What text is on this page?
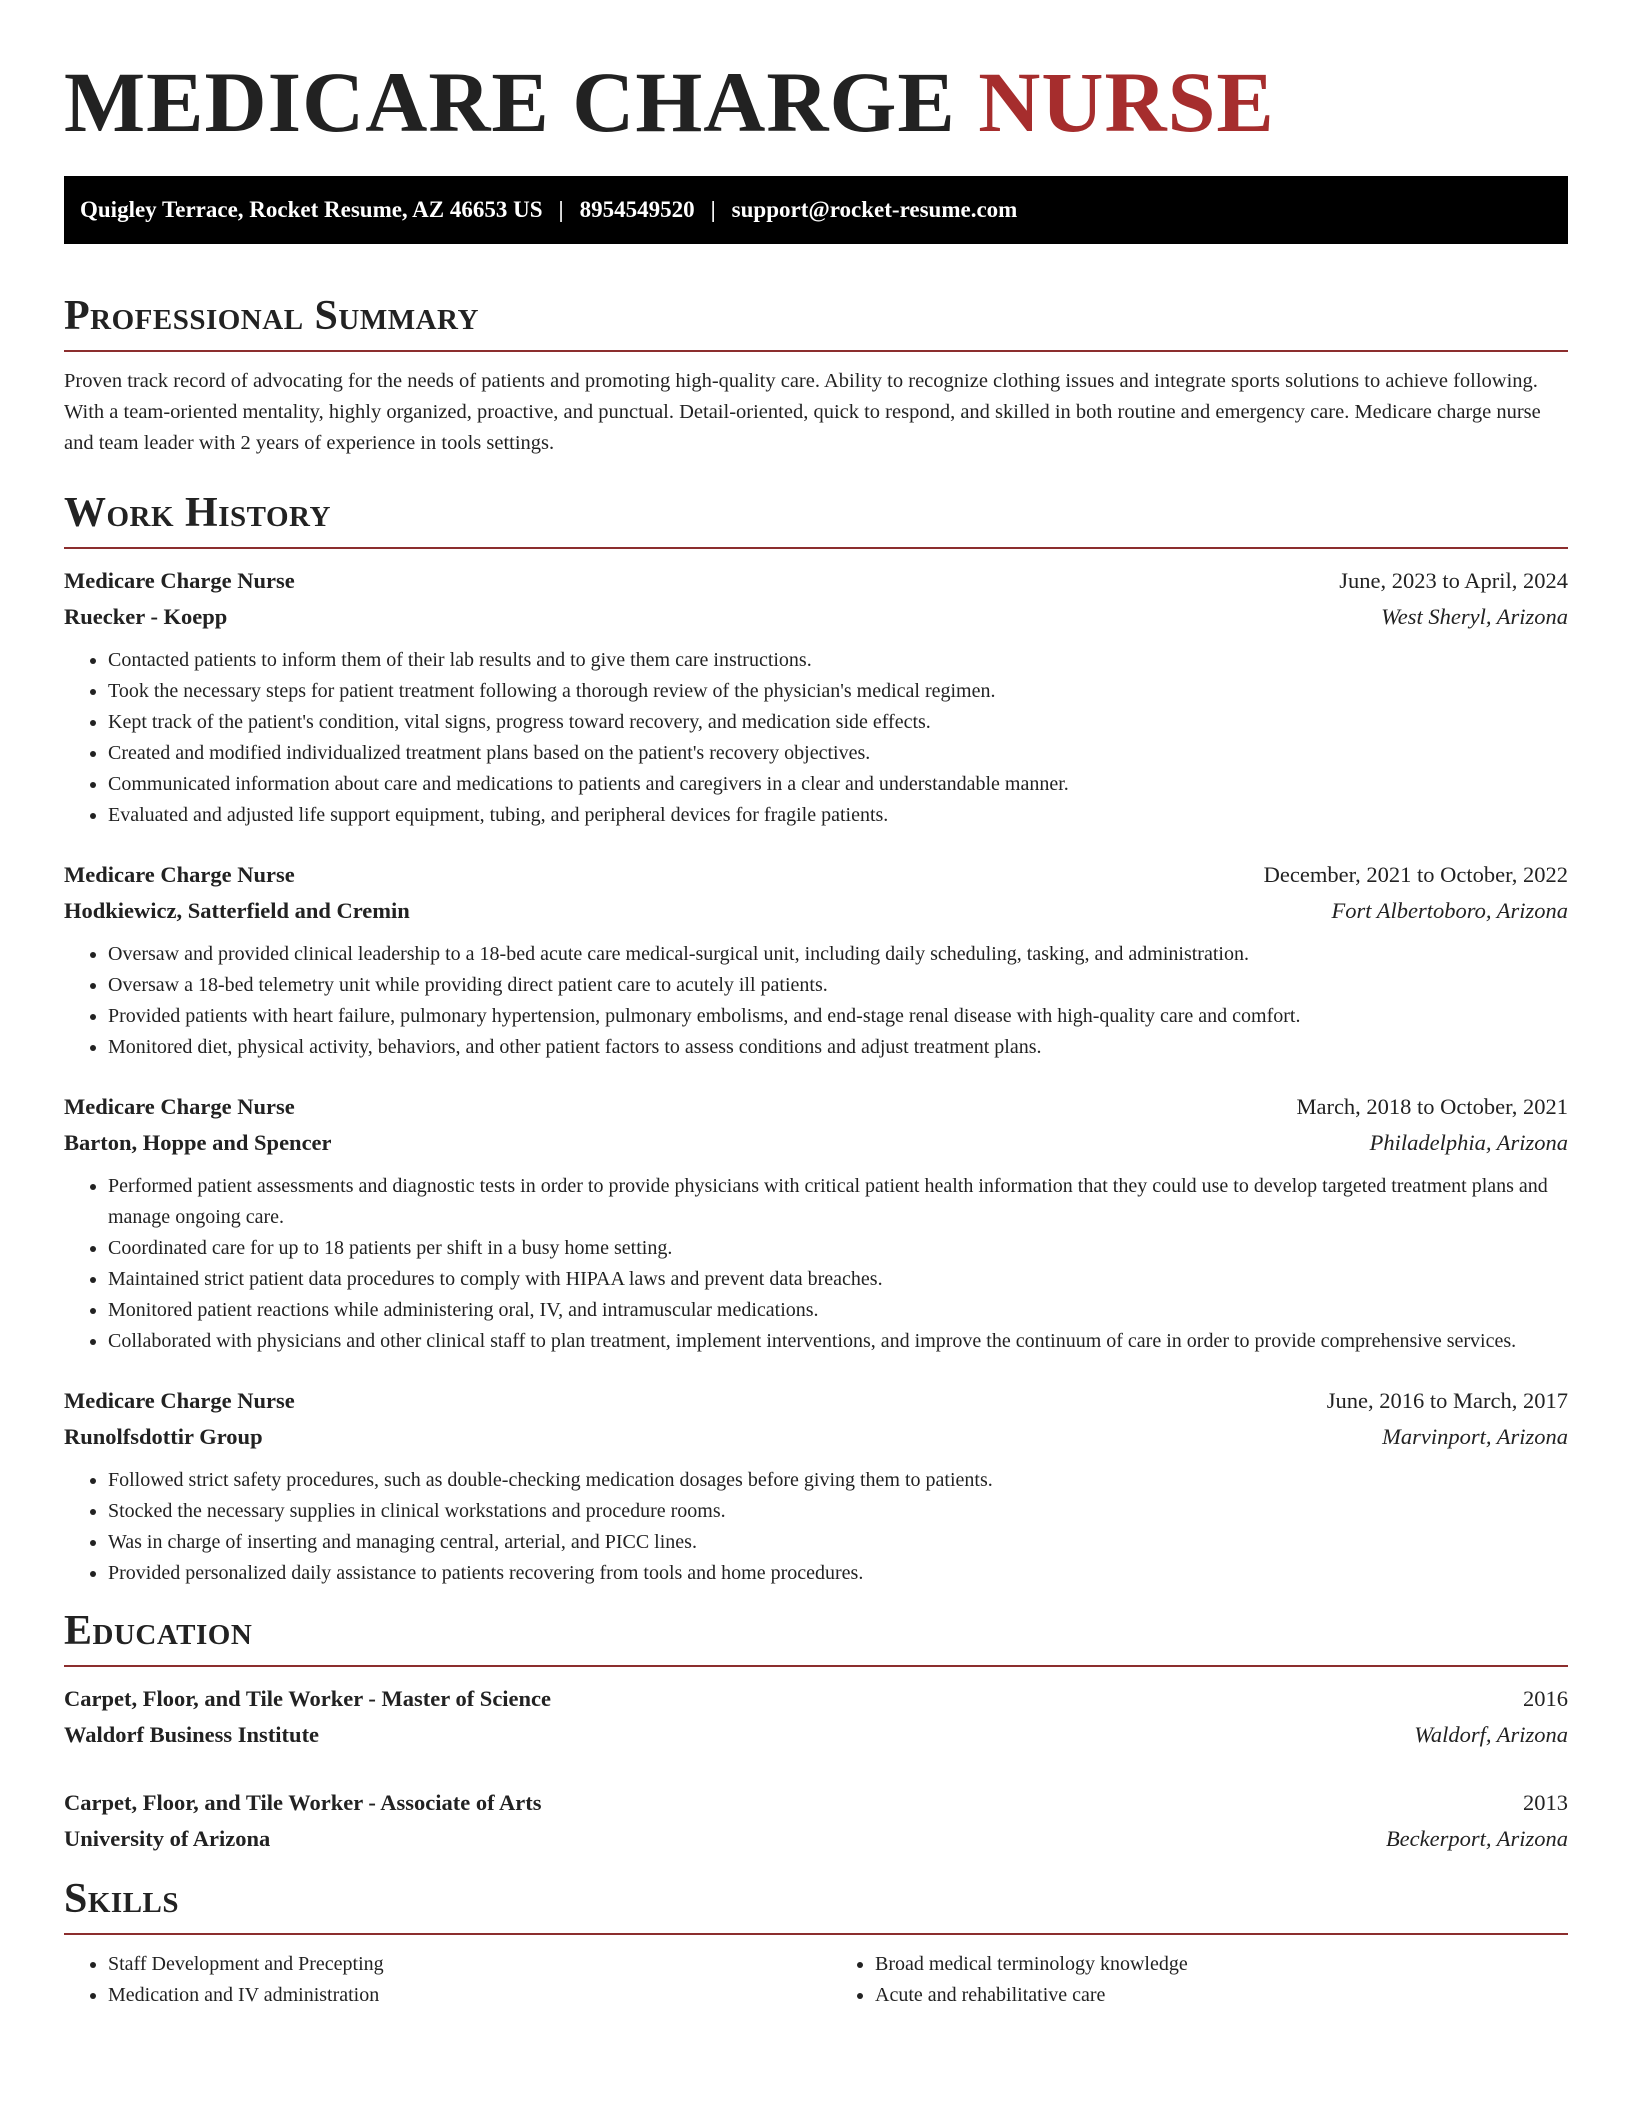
MEDICARE CHARGE NURSE
Quigley Terrace, Rocket Resume, AZ 46653 US | 8954549520 | support@rocket-resume.com
Professional Summary

Proven track record of advocating for the needs of patients and promoting high-quality care. Ability to recognize clothing issues and integrate sports solutions to achieve following. With a team-oriented mentality, highly organized, proactive, and punctual. Detail-oriented, quick to respond, and skilled in both routine and emergency care. Medicare charge nurse and team leader with 2 years of experience in tools settings.

Work History
Medicare Charge Nurse	June, 2023 to April, 2024
Ruecker - Koepp	West Sheryl, Arizona
• Contacted patients to inform them of their lab results and to give them care instructions.
• Took the necessary steps for patient treatment following a thorough review of the physician's medical regimen.
• Kept track of the patient's condition, vital signs, progress toward recovery, and medication side effects.
• Created and modified individualized treatment plans based on the patient's recovery objectives.
• Communicated information about care and medications to patients and caregivers in a clear and understandable manner.
• Evaluated and adjusted life support equipment, tubing, and peripheral devices for fragile patients.
Medicare Charge Nurse	December, 2021 to October, 2022
Hodkiewicz, Satterfield and Cremin	Fort Albertoboro, Arizona
• Oversaw and provided clinical leadership to a 18-bed acute care medical-surgical unit, including daily scheduling, tasking, and administration.
• Oversaw a 18-bed telemetry unit while providing direct patient care to acutely ill patients.
• Provided patients with heart failure, pulmonary hypertension, pulmonary embolisms, and end-stage renal disease with high-quality care and comfort.
• Monitored diet, physical activity, behaviors, and other patient factors to assess conditions and adjust treatment plans.
Medicare Charge Nurse	March, 2018 to October, 2021
Barton, Hoppe and Spencer	Philadelphia, Arizona
• Performed patient assessments and diagnostic tests in order to provide physicians with critical patient health information that they could use to develop targeted treatment plans and manage ongoing care.
• Coordinated care for up to 18 patients per shift in a busy home setting.
• Maintained strict patient data procedures to comply with HIPAA laws and prevent data breaches.
• Monitored patient reactions while administering oral, IV, and intramuscular medications.
• Collaborated with physicians and other clinical staff to plan treatment, implement interventions, and improve the continuum of care in order to provide comprehensive services.
Medicare Charge Nurse	June, 2016 to March, 2017
Runolfsdottir Group	Marvinport, Arizona
• Followed strict safety procedures, such as double-checking medication dosages before giving them to patients.
• Stocked the necessary supplies in clinical workstations and procedure rooms.
• Was in charge of inserting and managing central, arterial, and PICC lines.
• Provided personalized daily assistance to patients recovering from tools and home procedures.
Education
Carpet, Floor, and Tile Worker - Master of Science	2016
Waldorf Business Institute	Waldorf, Arizona
Carpet, Floor, and Tile Worker - Associate of Arts	2013
University of Arizona	Beckerport, Arizona
Skills
• Staff Development and Precepting
• Medication and IV administration
• Broad medical terminology knowledge
• Acute and rehabilitative care
